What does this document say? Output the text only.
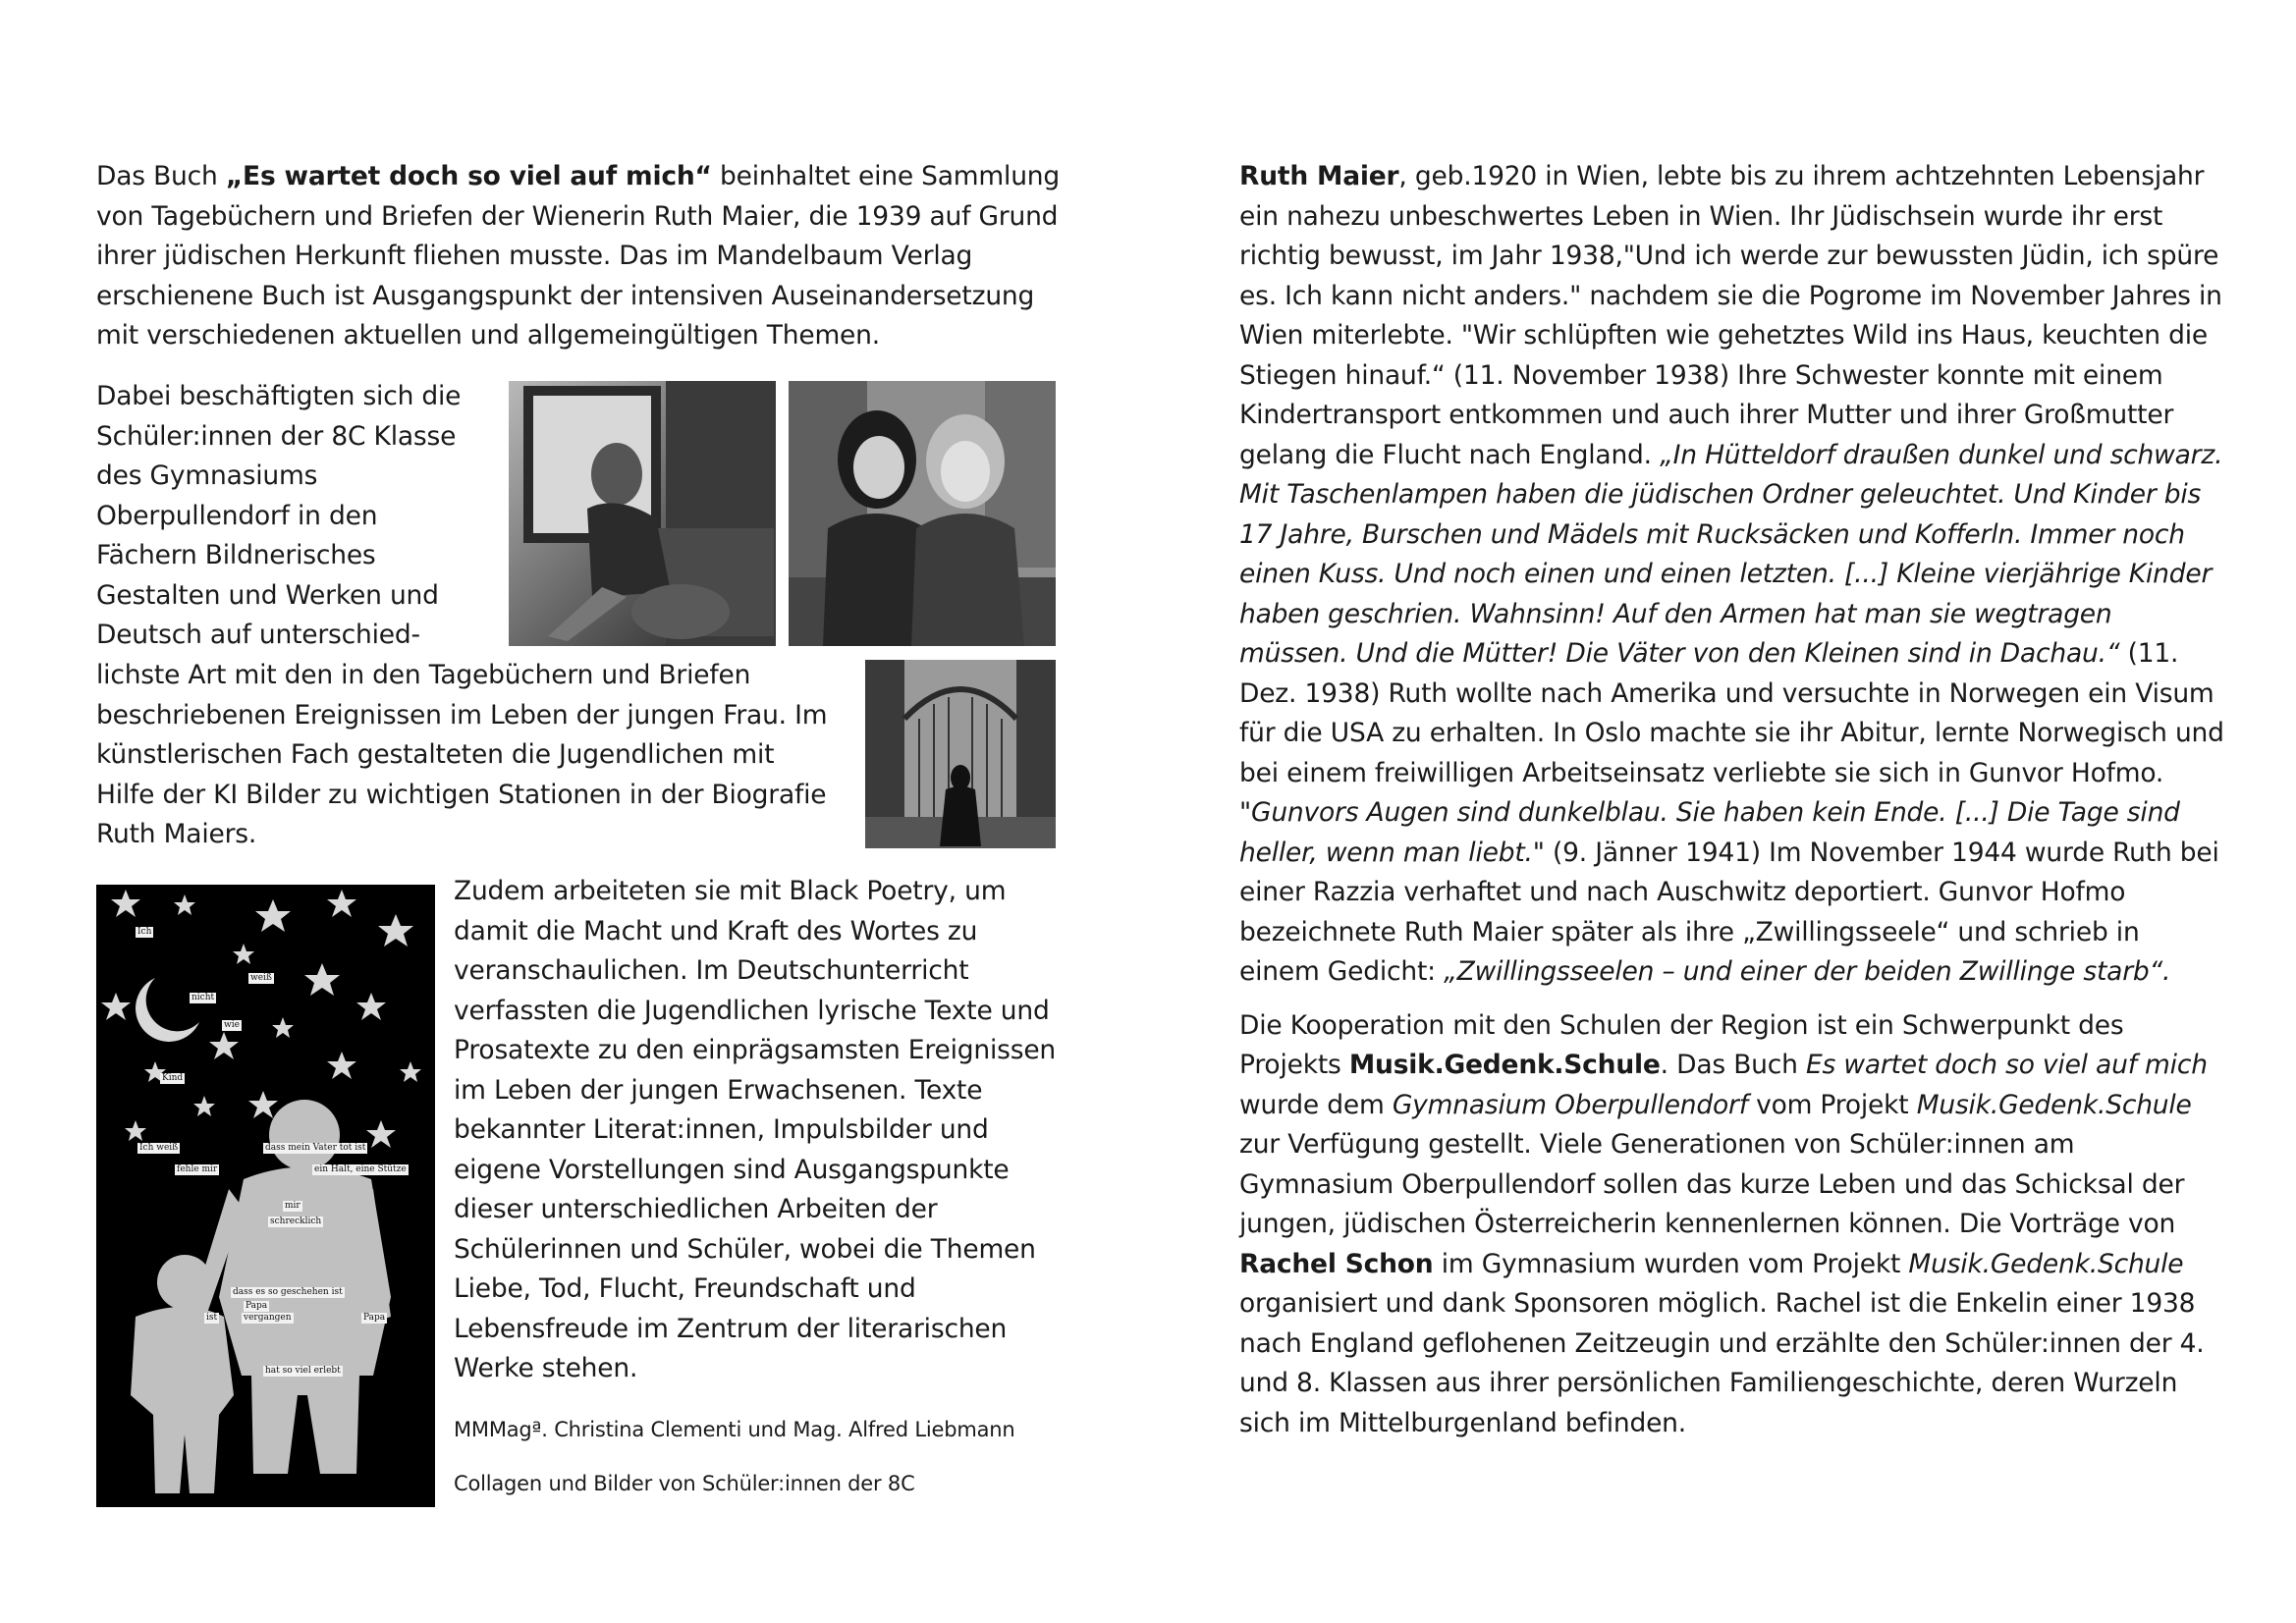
Das Buch „Es wartet doch so viel auf mich“ beinhaltet eine Sammlung
von Tagebüchern und Briefen der Wienerin Ruth Maier, die 1939 auf Grund
ihrer jüdischen Herkunft fliehen musste. Das im Mandelbaum Verlag
erschienene Buch ist Ausgangspunkt der intensiven Auseinandersetzung
mit verschiedenen aktuellen und allgemeingültigen Themen.

Dabei beschäftigten sich die
Schüler:innen der 8C Klasse
des Gymnasiums
Oberpullendorf in den
Fächern Bildnerisches
Gestalten und Werken und
Deutsch auf unterschied-

lichste Art mit den in den Tagebüchern und Briefen
beschriebenen Ereignissen im Leben der jungen Frau. Im
künstlerischen Fach gestalteten die Jugendlichen mit
Hilfe der KI Bilder zu wichtigen Stationen in der Biografie
Ruth Maiers.

Ich
weiß
nicht
wie
Kind
Ich weiß
fehle mir
dass mein Vater tot ist
ein Halt, eine Stütze
mir
schrecklich
dass es so geschehen ist
Papa
vergangen
ist	Papa
hat so viel erlebt

Zudem arbeiteten sie mit Black Poetry, um
damit die Macht und Kraft des Wortes zu
veranschaulichen. Im Deutschunterricht
verfassten die Jugendlichen lyrische Texte und
Prosatexte zu den einprägsamsten Ereignissen
im Leben der jungen Erwachsenen. Texte
bekannter Literat:innen, Impulsbilder und
eigene Vorstellungen sind Ausgangspunkte
dieser unterschiedlichen Arbeiten der
Schülerinnen und Schüler, wobei die Themen
Liebe, Tod, Flucht, Freundschaft und
Lebensfreude im Zentrum der literarischen
Werke stehen.

MMMagª. Christina Clementi und Mag. Alfred Liebmann
Collagen und Bilder von Schüler:innen der 8C

Ruth Maier, geb.1920 in Wien, lebte bis zu ihrem achtzehnten Lebensjahr ein nahezu unbeschwertes Leben in Wien. Ihr Jüdischsein wurde ihr erst richtig bewusst, im Jahr 1938,"Und ich werde zur bewussten Jüdin, ich spüre es. Ich kann nicht anders." nachdem sie die Pogrome im November Jahres in Wien miterlebte. "Wir schlüpften wie gehetztes Wild ins Haus, keuchten die Stiegen hinauf.“ (11. November 1938) Ihre Schwester konnte mit einem Kindertransport entkommen und auch ihrer Mutter und ihrer Großmutter gelang die Flucht nach England. „In Hütteldorf draußen dunkel und schwarz. Mit Taschenlampen haben die jüdischen Ordner geleuchtet. Und Kinder bis 17 Jahre, Burschen und Mädels mit Rucksäcken und Kofferln. Immer noch einen Kuss. Und noch einen und einen letzten. [...] Kleine vierjährige Kinder haben geschrien. Wahnsinn! Auf den Armen hat man sie wegtragen müssen. Und die Mütter! Die Väter von den Kleinen sind in Dachau.“ (11. Dez. 1938) Ruth wollte nach Amerika und versuchte in Norwegen ein Visum für die USA zu erhalten. In Oslo machte sie ihr Abitur, lernte Norwegisch und bei einem freiwilligen Arbeitseinsatz verliebte sie sich in Gunvor Hofmo. "Gunvors Augen sind dunkelblau. Sie haben kein Ende. [...] Die Tage sind heller, wenn man liebt." (9. Jänner 1941) Im November 1944 wurde Ruth bei einer Razzia verhaftet und nach Auschwitz deportiert. Gunvor Hofmo bezeichnete Ruth Maier später als ihre „Zwillingsseele“ und schrieb in einem Gedicht: „Zwillingsseelen – und einer der beiden Zwillinge starb“.

Die Kooperation mit den Schulen der Region ist ein Schwerpunkt des Projekts Musik.Gedenk.Schule. Das Buch Es wartet doch so viel auf mich wurde dem Gymnasium Oberpullendorf vom Projekt Musik.Gedenk.Schule zur Verfügung gestellt. Viele Generationen von Schüler:innen am Gymnasium Oberpullendorf sollen das kurze Leben und das Schicksal der jungen, jüdischen Österreicherin kennenlernen können. Die Vorträge von Rachel Schon im Gymnasium wurden vom Projekt Musik.Gedenk.Schule organisiert und dank Sponsoren möglich. Rachel ist die Enkelin einer 1938 nach England geflohenen Zeitzeugin und erzählte den Schüler:innen der 4. und 8. Klassen aus ihrer persönlichen Familiengeschichte, deren Wurzeln sich im Mittelburgenland befinden.
